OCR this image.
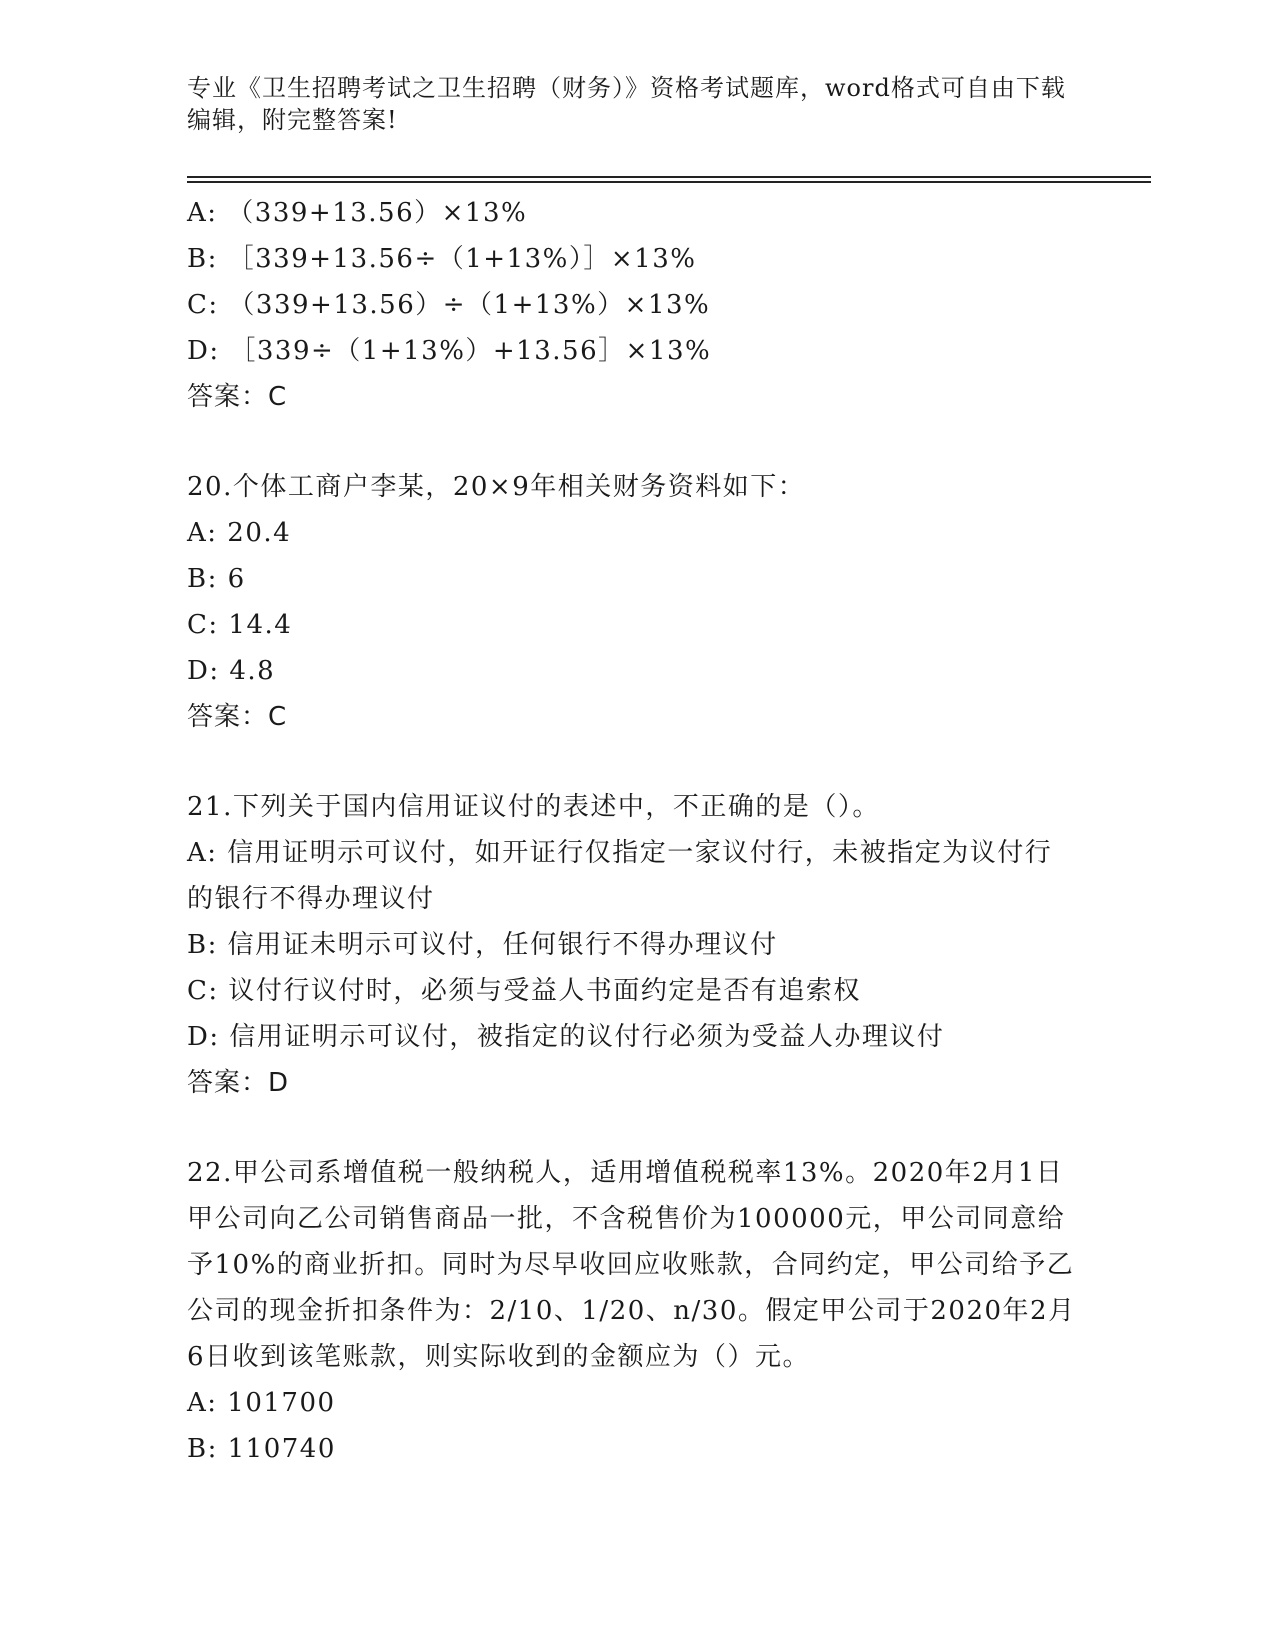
专业《卫生招聘考试之卫生招聘（财务）》资格考试题库，word格式可自由下载
编辑，附完整答案!
A: （339+13.56）×13%
B: ［339+13.56÷（1+13%）］×13%
C: （339+13.56）÷（1+13%）×13%
D: ［339÷（1+13%）+13.56］×13%
答案：C
20.个体工商户李某，20×9年相关财务资料如下：
A: 20.4
B: 6
C: 14.4
D: 4.8
答案：C
21.下列关于国内信用证议付的表述中，不正确的是（）。
A: 信用证明示可议付，如开证行仅指定一家议付行，未被指定为议付行的银行不得办理议付
B: 信用证未明示可议付，任何银行不得办理议付
C: 议付行议付时，必须与受益人书面约定是否有追索权
D: 信用证明示可议付，被指定的议付行必须为受益人办理议付
答案：D
22.甲公司系增值税一般纳税人，适用增值税税率13%。2020年2月1日甲公司向乙公司销售商品一批，不含税售价为100000元，甲公司同意给予10%的商业折扣。同时为尽早收回应收账款，合同约定，甲公司给予乙公司的现金折扣条件为：2/10、1/20、n/30。假定甲公司于2020年2月6日收到该笔账款，则实际收到的金额应为（）元。
A: 101700
B: 110740
